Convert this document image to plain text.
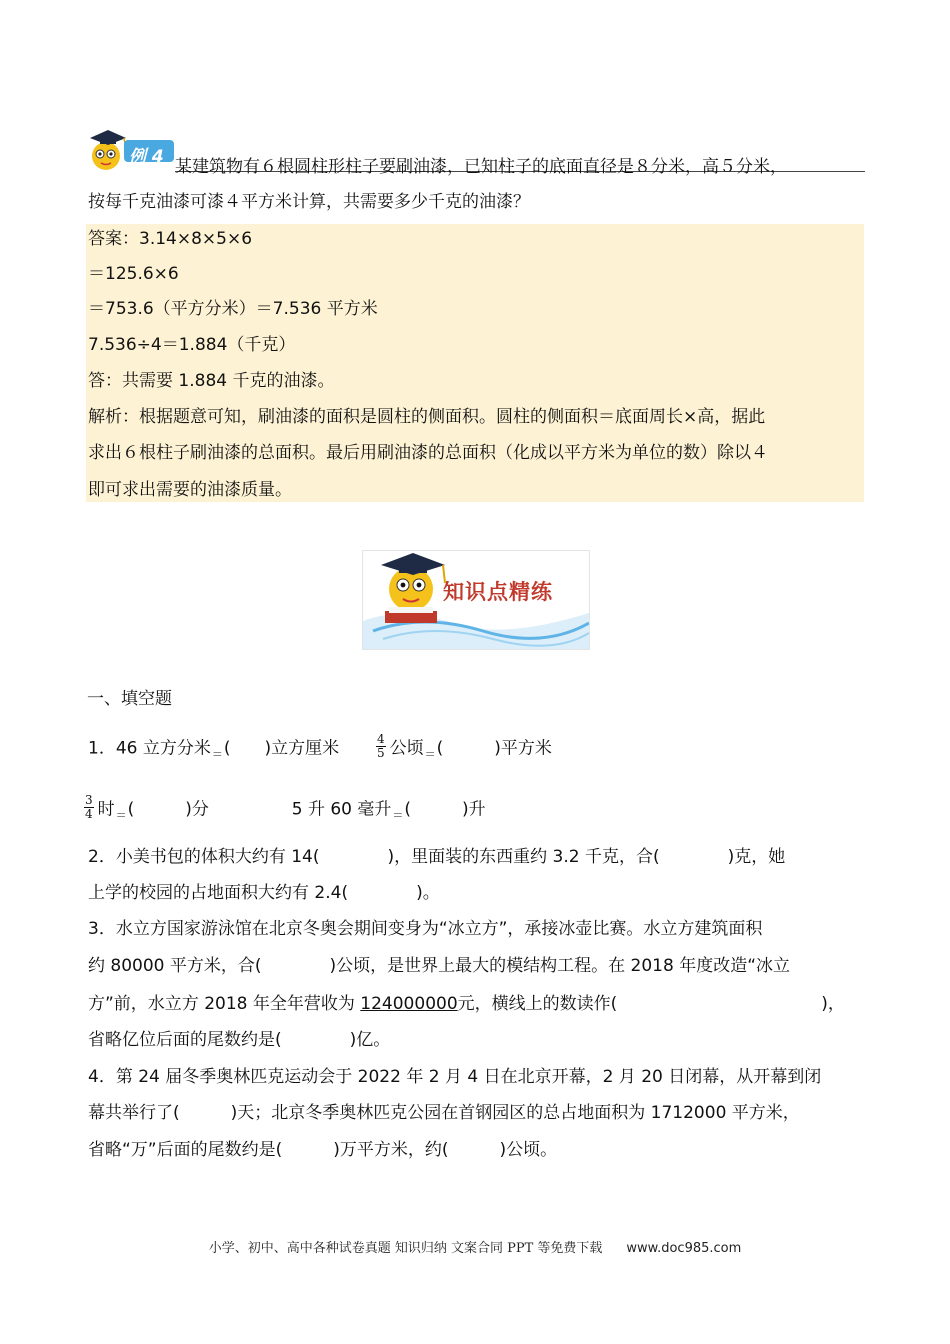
例 4 某建筑物有６根圆柱形柱子要刷油漆，已知柱子的底面直径是８分米，高５分米，
按每千克油漆可漆４平方米计算，共需要多少千克的油漆？
答案：3.14×8×5×6
＝125.6×6
＝753.6（平方分米）＝7.536 平方米
7.536÷4＝1.884（千克）
答：共需要 1.884 千克的油漆。
解析：根据题意可知，刷油漆的面积是圆柱的侧面积。圆柱的侧面积＝底面周长×高，据此
求出６根柱子刷油漆的总面积。最后用刷油漆的总面积（化成以平方米为单位的数）除以４
即可求出需要的油漆质量。
知识点精练
一、填空题
1．46 立方分米$_=$(　　)立方厘米	$\frac{4}{5}$ 公顷$_=$(　　　)平方米
$\frac{3}{4}$ 时$_=$(　　　)分	5 升 60 毫升$_=$(　　　)升
2．小美书包的体积大约有 14(　　　　)，里面装的东西重约 3.2 千克，合(　　　　)克，她
上学的校园的占地面积大约有 2.4(　　　　)。
3．水立方国家游泳馆在北京冬奥会期间变身为“冰立方”，承接冰壶比赛。水立方建筑面积
约 80000 平方米，合(　　　　)公顷，是世界上最大的模结构工程。在 2018 年度改造“冰立
方”前，水立方 2018 年全年营收为 124000000元，横线上的数读作(　　　　　　　　　　　　)，
省略亿位后面的尾数约是(　　　　)亿。
4．第 24 届冬季奥林匹克运动会于 2022 年 2 月 4 日在北京开幕，2 月 20 日闭幕，从开幕到闭
幕共举行了(　　　)天；北京冬季奥林匹克公园在首钢园区的总占地面积为 1712000 平方米，
省略“万”后面的尾数约是(　　　)万平方米，约(　　　)公顷。
小学、初中、高中各种试卷真题 知识归纳 文案合同 PPT 等免费下载 www.doc985.com
